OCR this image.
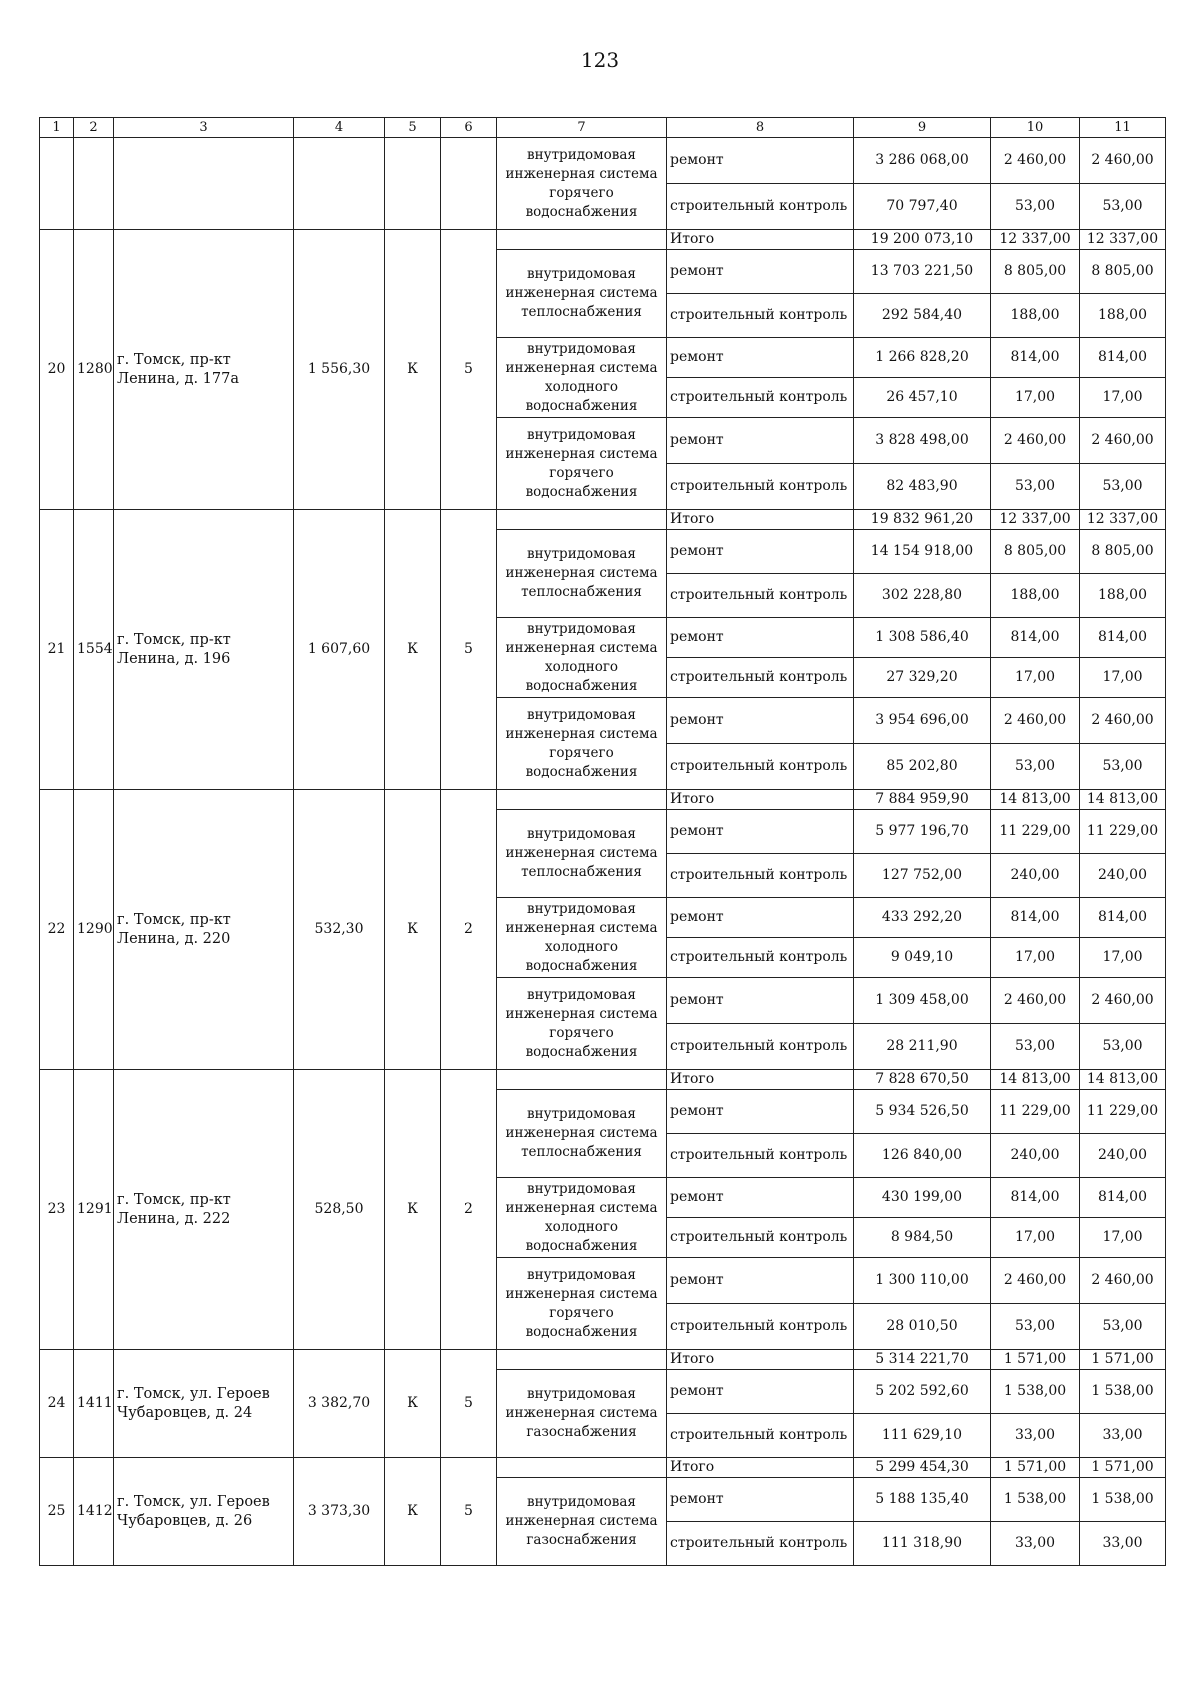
123
1	2	3	4	5	6	7	8	9	10	11
						внутридомовая инженерная система горячего водоснабжения	ремонт	3 286 068,00	2 460,00	2 460,00
							строительный контроль	70 797,40	53,00	53,00
20	1280	г. Томск, пр-кт Ленина, д. 177а	1 556,30	К	5		Итого	19 200 073,10	12 337,00	12 337,00
						внутридомовая инженерная система теплоснабжения	ремонт	13 703 221,50	8 805,00	8 805,00
							строительный контроль	292 584,40	188,00	188,00
						внутридомовая инженерная система холодного водоснабжения	ремонт	1 266 828,20	814,00	814,00
							строительный контроль	26 457,10	17,00	17,00
						внутридомовая инженерная система горячего водоснабжения	ремонт	3 828 498,00	2 460,00	2 460,00
							строительный контроль	82 483,90	53,00	53,00
21	1554	г. Томск, пр-кт Ленина, д. 196	1 607,60	К	5		Итого	19 832 961,20	12 337,00	12 337,00
						внутридомовая инженерная система теплоснабжения	ремонт	14 154 918,00	8 805,00	8 805,00
							строительный контроль	302 228,80	188,00	188,00
						внутридомовая инженерная система холодного водоснабжения	ремонт	1 308 586,40	814,00	814,00
							строительный контроль	27 329,20	17,00	17,00
						внутридомовая инженерная система горячего водоснабжения	ремонт	3 954 696,00	2 460,00	2 460,00
							строительный контроль	85 202,80	53,00	53,00
22	1290	г. Томск, пр-кт Ленина, д. 220	532,30	К	2		Итого	7 884 959,90	14 813,00	14 813,00
						внутридомовая инженерная система теплоснабжения	ремонт	5 977 196,70	11 229,00	11 229,00
							строительный контроль	127 752,00	240,00	240,00
						внутридомовая инженерная система холодного водоснабжения	ремонт	433 292,20	814,00	814,00
							строительный контроль	9 049,10	17,00	17,00
						внутридомовая инженерная система горячего водоснабжения	ремонт	1 309 458,00	2 460,00	2 460,00
							строительный контроль	28 211,90	53,00	53,00
23	1291	г. Томск, пр-кт Ленина, д. 222	528,50	К	2		Итого	7 828 670,50	14 813,00	14 813,00
						внутридомовая инженерная система теплоснабжения	ремонт	5 934 526,50	11 229,00	11 229,00
							строительный контроль	126 840,00	240,00	240,00
						внутридомовая инженерная система холодного водоснабжения	ремонт	430 199,00	814,00	814,00
							строительный контроль	8 984,50	17,00	17,00
						внутридомовая инженерная система горячего водоснабжения	ремонт	1 300 110,00	2 460,00	2 460,00
							строительный контроль	28 010,50	53,00	53,00
24	1411	г. Томск, ул. Героев Чубаровцев, д. 24	3 382,70	К	5		Итого	5 314 221,70	1 571,00	1 571,00
						внутридомовая инженерная система газоснабжения	ремонт	5 202 592,60	1 538,00	1 538,00
							строительный контроль	111 629,10	33,00	33,00
25	1412	г. Томск, ул. Героев Чубаровцев, д. 26	3 373,30	К	5		Итого	5 299 454,30	1 571,00	1 571,00
						внутридомовая инженерная система газоснабжения	ремонт	5 188 135,40	1 538,00	1 538,00
							строительный контроль	111 318,90	33,00	33,00
